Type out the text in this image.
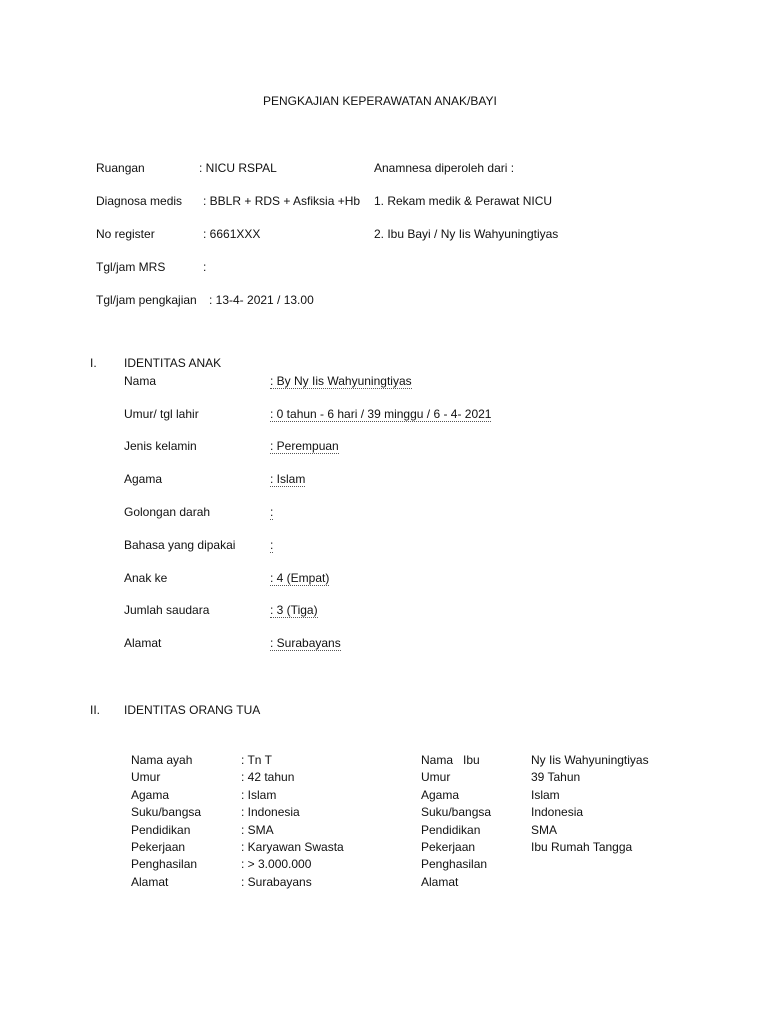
PENGKAJIAN KEPERAWATAN ANAK/BAYI
Ruangan	: NICU RSPAL
Diagnosa medis : BBLR + RDS + Asfiksia +Hb
No register	: 6661XXX
Tgl/jam MRS	:
Tgl/jam pengkajian : 13-4- 2021 / 13.00
Anamnesa diperoleh dari :
1. Rekam medik & Perawat NICU
2. Ibu Bayi / Ny Iis Wahyuningtiyas
I. IDENTITAS ANAK
Nama	: By Ny Iis Wahyuningtiyas
Umur/ tgl lahir	: 0 tahun - 6 hari / 39 minggu / 6 - 4- 2021
Jenis kelamin	: Perempuan
Agama	: Islam
Golongan darah	:
Bahasa yang dipakai	:
Anak ke	: 4 (Empat)
Jumlah saudara	: 3 (Tiga)
Alamat	: Surabayans
II. IDENTITAS ORANG TUA
Nama ayah	: Tn T
Umur	: 42 tahun
Agama	: Islam
Suku/bangsa	: Indonesia
Pendidikan	: SMA
Pekerjaan	: Karyawan Swasta
Penghasilan	: > 3.000.000
Alamat	: Surabayans
Nama   Ibu	Ny Iis Wahyuningtiyas
Umur	39 Tahun
Agama	Islam
Suku/bangsa	Indonesia
Pendidikan	SMA
Pekerjaan	Ibu Rumah Tangga
Penghasilan
Alamat
